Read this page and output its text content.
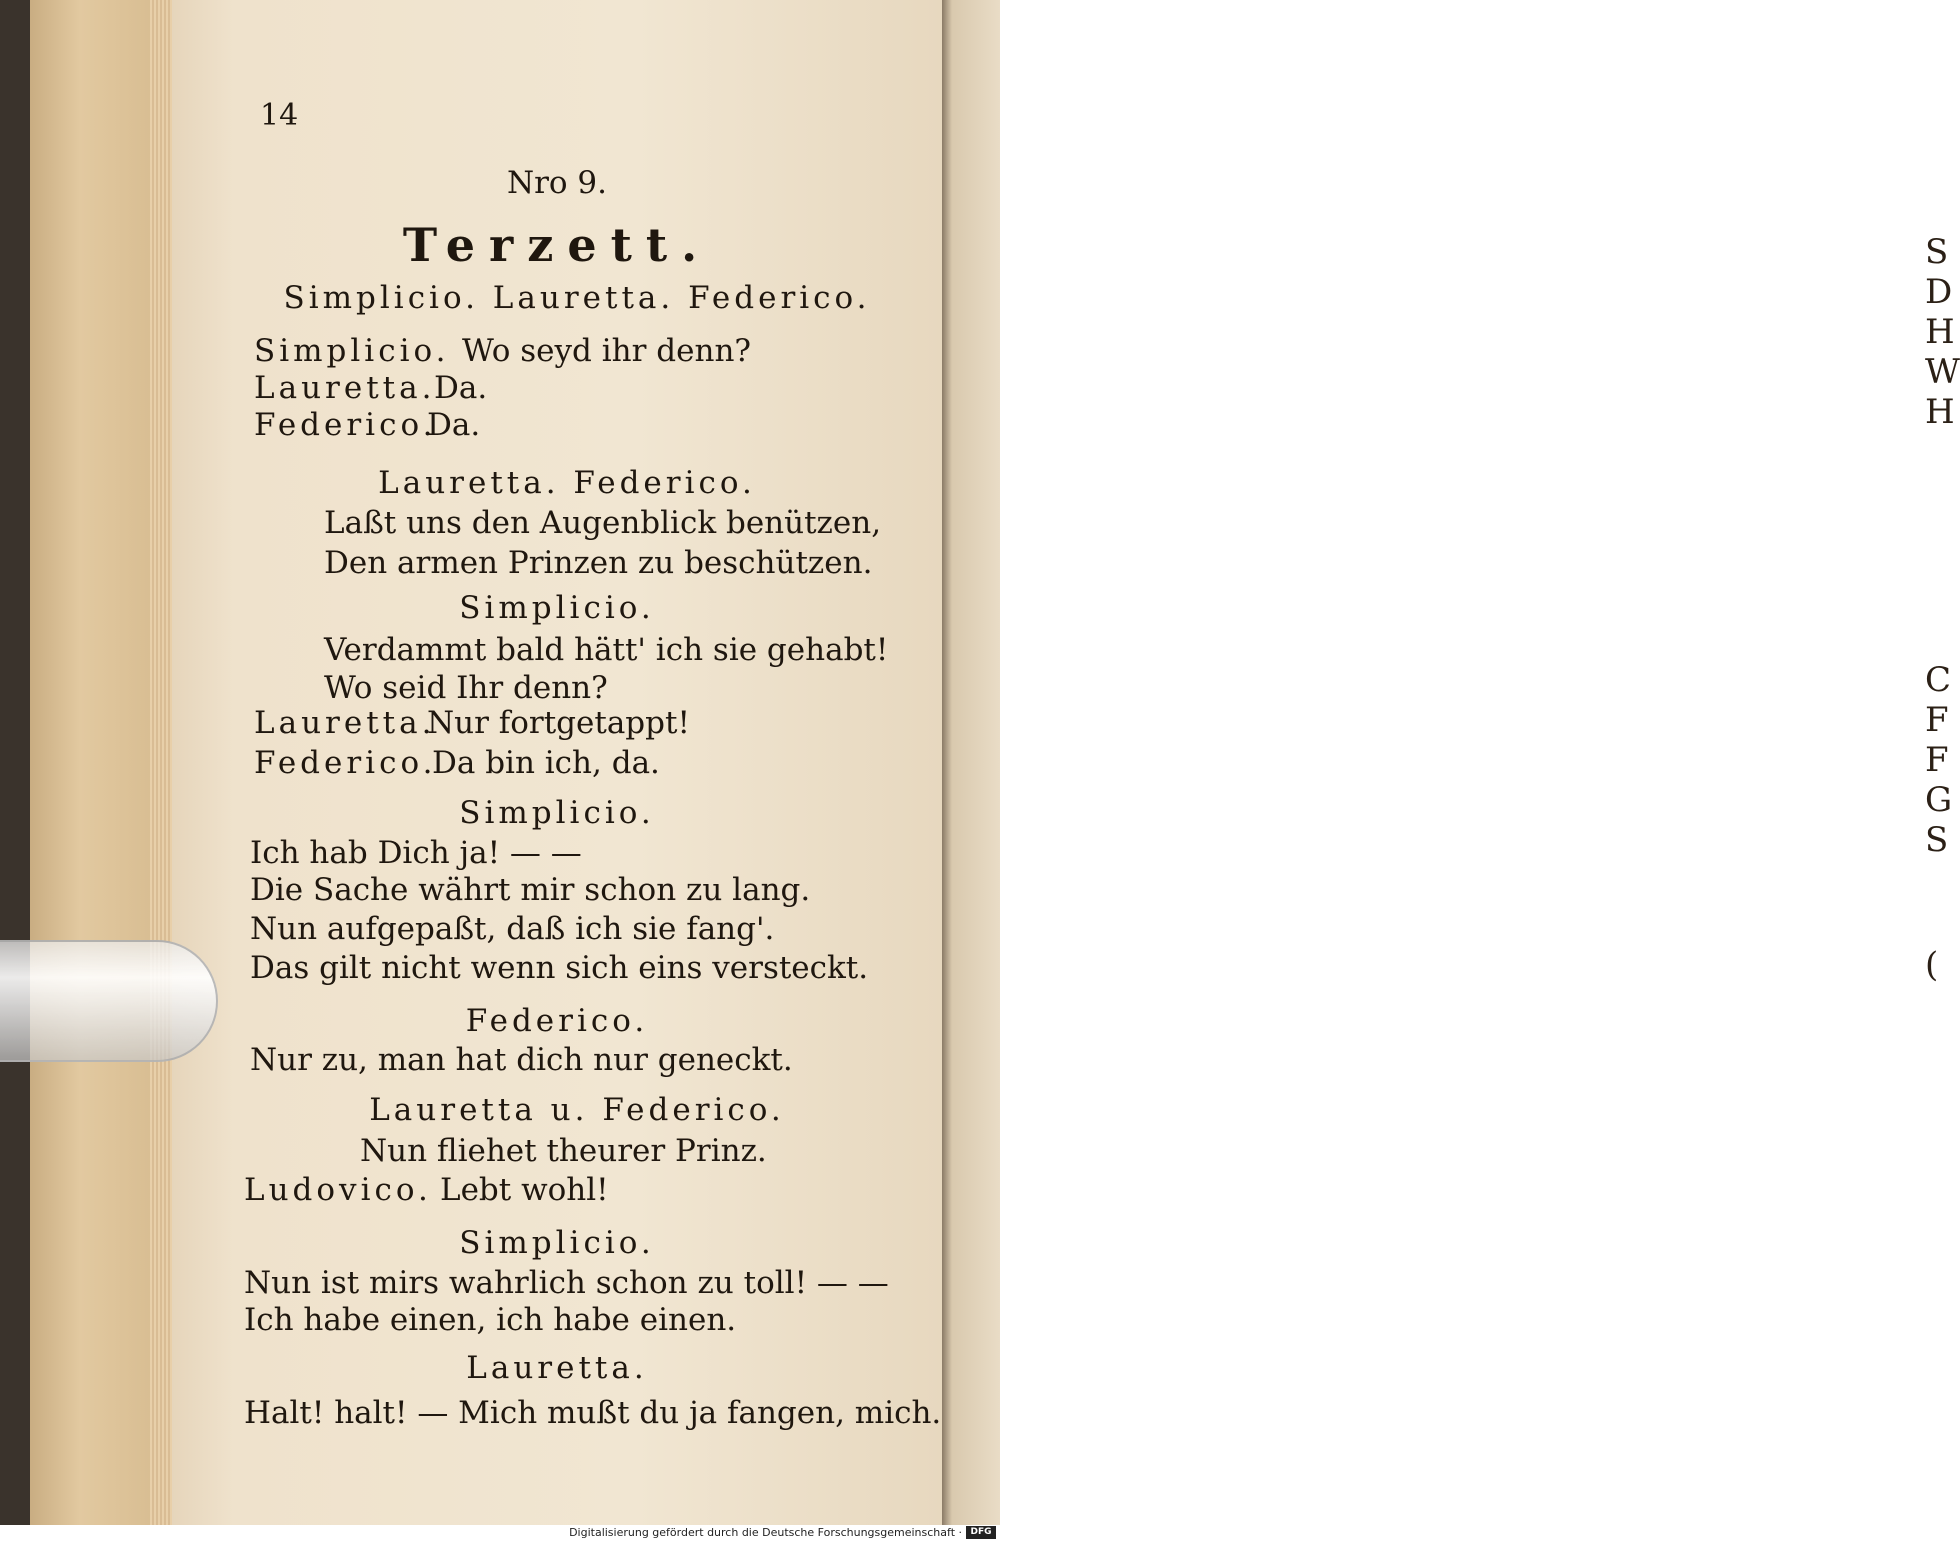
S
D
H
W
H
C
F
F
G
S
(
14
Nro 9.
Terzett.
Simplicio. Lauretta. Federico.
Simplicio. Wo seyd ihr denn?
Lauretta.
Da.
Federico.
Da.
Lauretta. Federico.
Laßt uns den Augenblick benützen,
Den armen Prinzen zu beschützen.
Simplicio.
Verdammt bald hätt' ich sie gehabt!
Wo seid Ihr denn?
Lauretta.
Nur fortgetappt!
Federico.
Da bin ich, da.
Simplicio.
Ich hab Dich ja! — —
Die Sache währt mir schon zu lang.
Nun aufgepaßt, daß ich sie fang'.
Das gilt nicht wenn sich eins versteckt.
Federico.
Nur zu, man hat dich nur geneckt.
Lauretta u. Federico.
Nun fliehet theurer Prinz.
Ludovico. Lebt wohl!
Simplicio.
Nun ist mirs wahrlich schon zu toll! — —
Ich habe einen, ich habe einen.
Lauretta.
Halt! halt! — Mich mußt du ja fangen, mich.
Digitalisierung gefördert durch die Deutsche Forschungsgemeinschaft · DFG
